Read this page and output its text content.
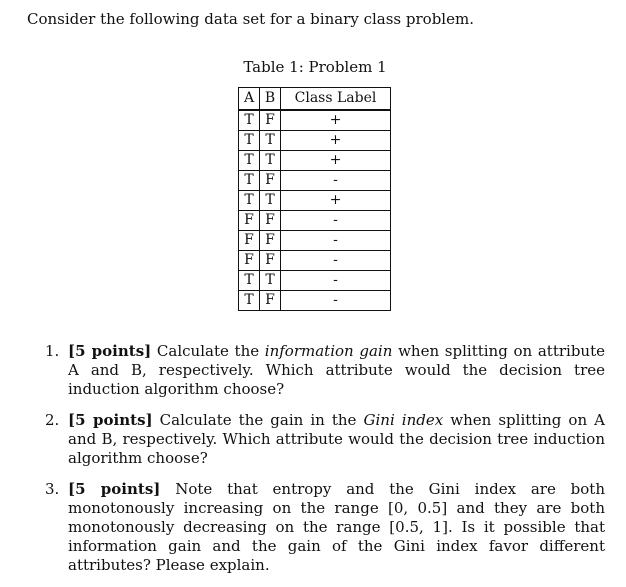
Consider the following data set for a binary class problem.

Table 1: Problem 1
A	B	Class Label
T	F	+
T	T	+
T	T	+
T	F	-
T	T	+
F	F	-
F	F	-
F	F	-
T	T	-
T	F	-
1. [5 points] Calculate the information gain when splitting on attribute A and B, respectively. Which attribute would the decision tree induction algorithm choose?
2. [5 points] Calculate the gain in the Gini index when splitting on A and B, respectively. Which attribute would the decision tree induction algorithm choose?
3. [5 points] Note that entropy and the Gini index are both monotonously increasing on the range [0, 0.5] and they are both monotonously decreasing on the range [0.5, 1]. Is it possible that information gain and the gain of the Gini index favor different attributes? Please explain.
